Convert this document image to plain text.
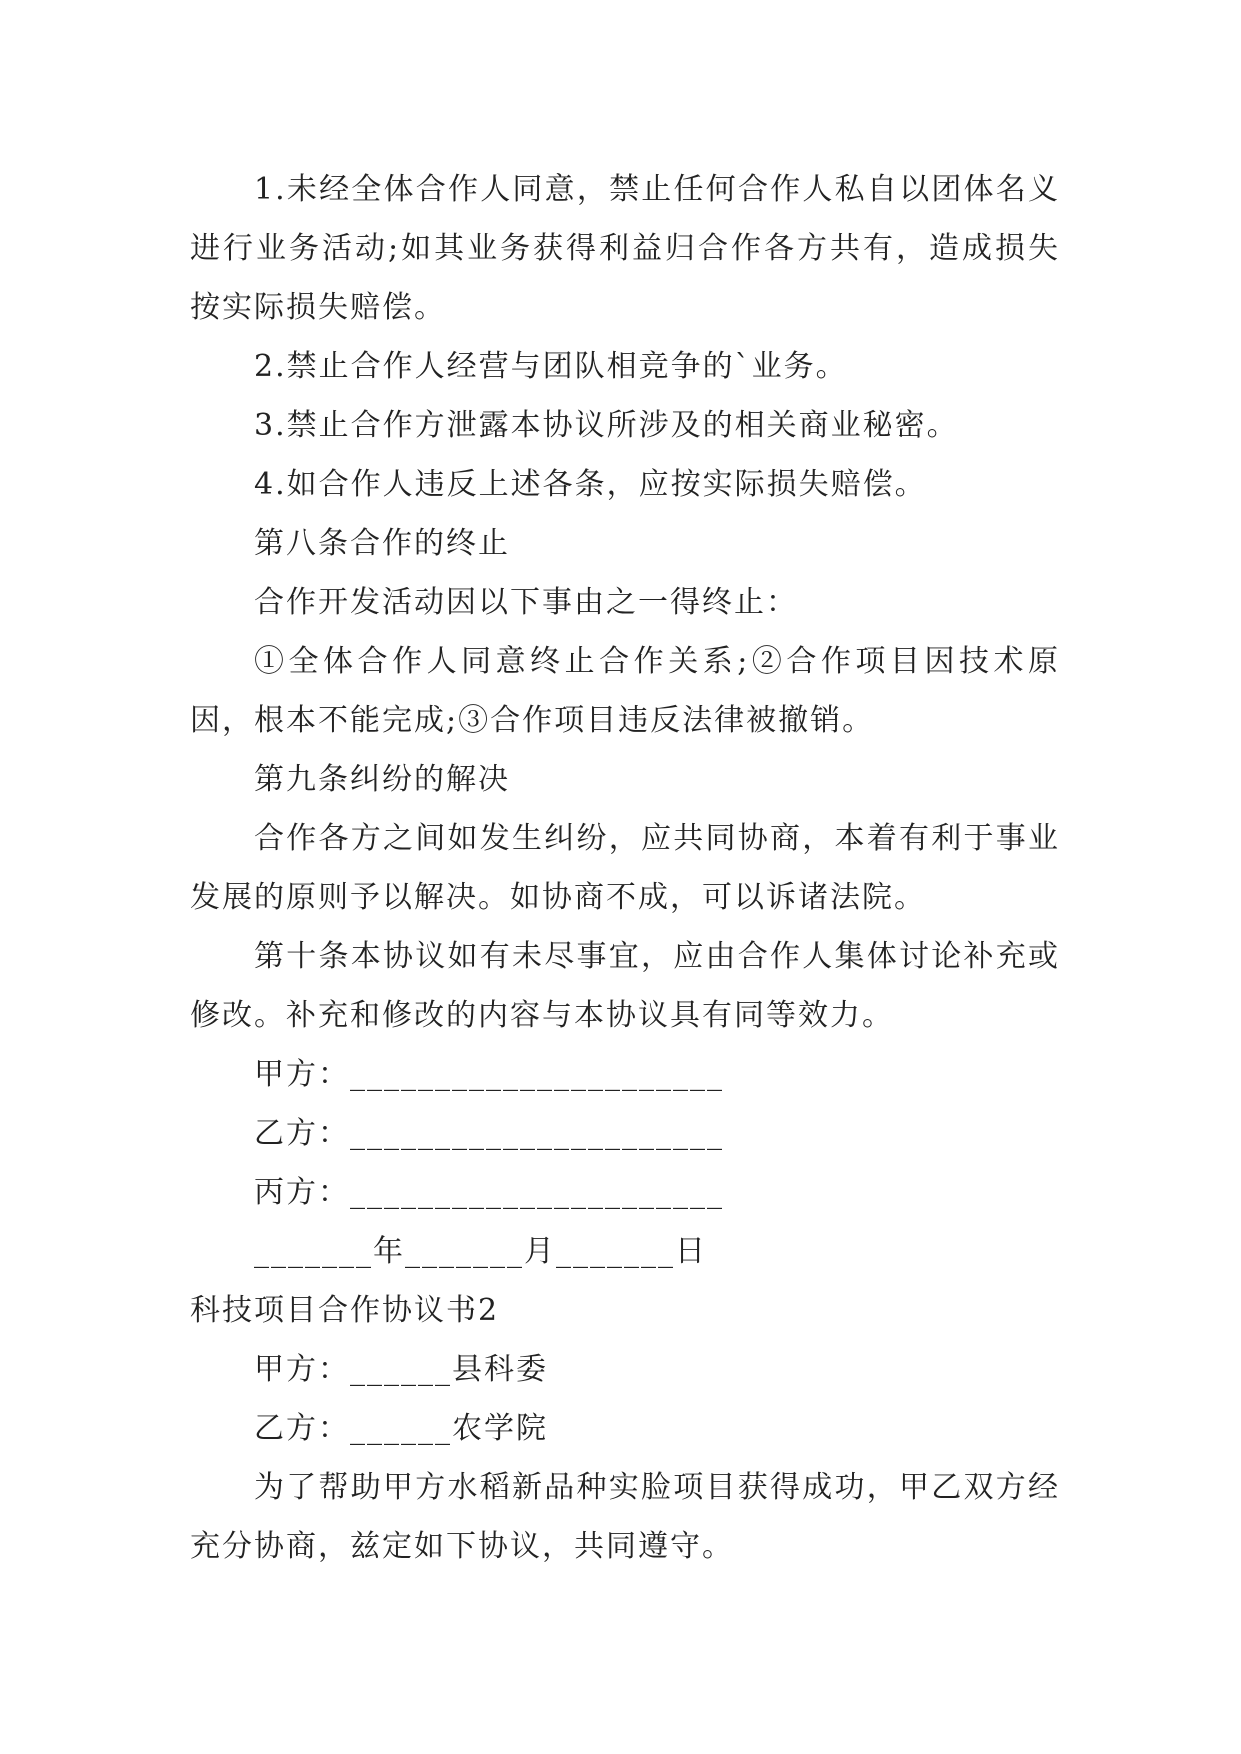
1.未经全体合作人同意，禁止任何合作人私自以团体名义进行业务活动;如其业务获得利益归合作各方共有，造成损失按实际损失赔偿。

2.禁止合作人经营与团队相竞争的`业务。

3.禁止合作方泄露本协议所涉及的相关商业秘密。

4.如合作人违反上述各条，应按实际损失赔偿。

第八条合作的终止

合作开发活动因以下事由之一得终止：

①全体合作人同意终止合作关系;②合作项目因技术原因，根本不能完成;③合作项目违反法律被撤销。

第九条纠纷的解决

合作各方之间如发生纠纷，应共同协商，本着有利于事业发展的原则予以解决。如协商不成，可以诉诸法院。

第十条本协议如有未尽事宜，应由合作人集体讨论补充或修改。补充和修改的内容与本协议具有同等效力。

甲方：______________________

乙方：______________________

丙方：______________________

_______年_______月_______日

科技项目合作协议书2

甲方：______县科委

乙方：______农学院

为了帮助甲方水稻新品种实脸项目获得成功，甲乙双方经充分协商，兹定如下协议，共同遵守。
